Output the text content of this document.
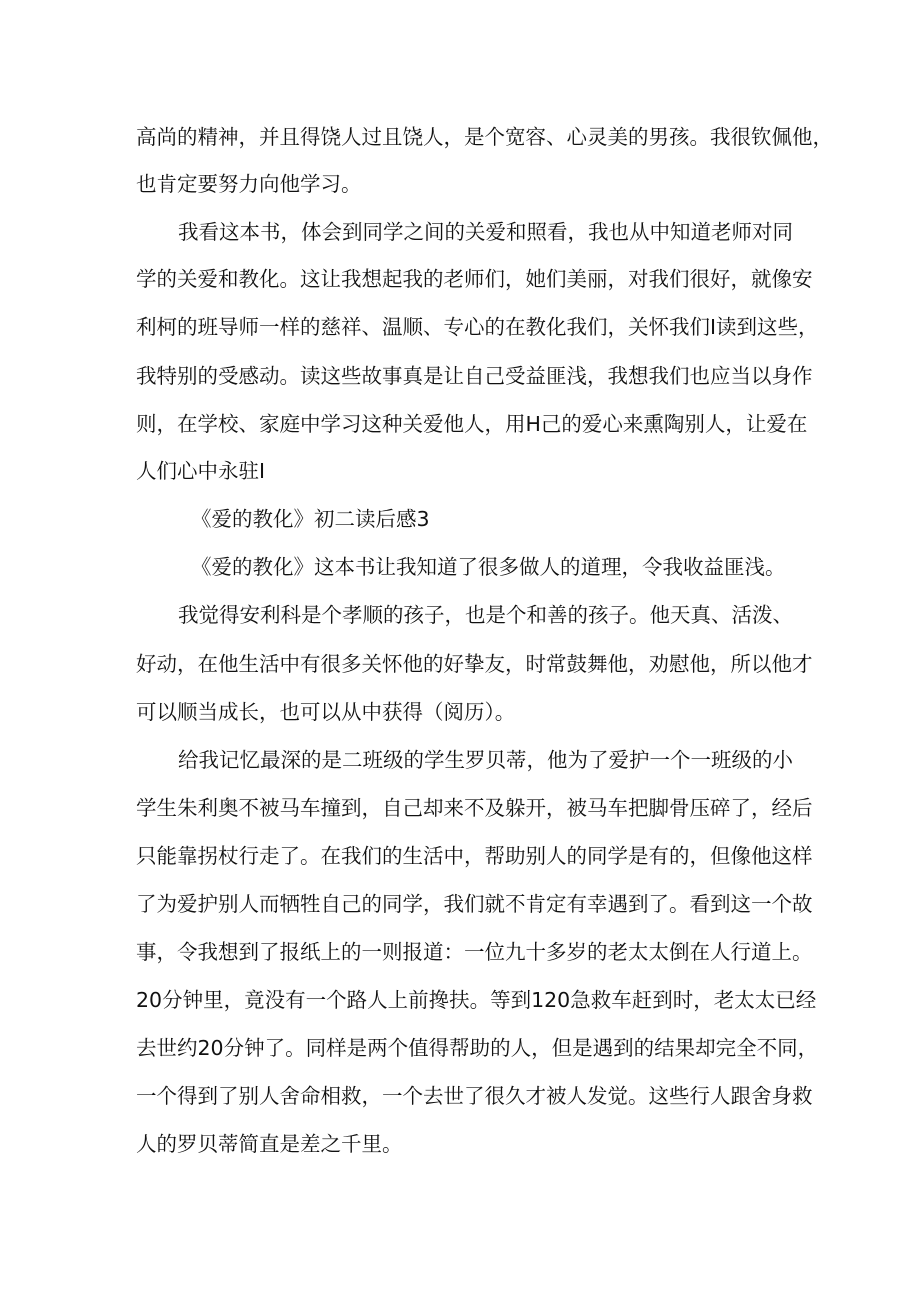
高尚的精神，并且得饶人过且饶人，是个宽容、心灵美的男孩。我很钦佩他，
也肯定要努力向他学习。
我看这本书，体会到同学之间的关爱和照看，我也从中知道老师对同
学的关爱和教化。这让我想起我的老师们，她们美丽，对我们很好，就像安
利柯的班导师一样的慈祥、温顺、专心的在教化我们，关怀我们I读到这些，
我特别的受感动。读这些故事真是让自己受益匪浅，我想我们也应当以身作
则，在学校、家庭中学习这种关爱他人，用H己的爱心来熏陶别人，让爱在
人们心中永驻I
《爱的教化》初二读后感3
《爱的教化》这本书让我知道了很多做人的道理，令我收益匪浅。
我觉得安利科是个孝顺的孩子，也是个和善的孩子。他天真、活泼、
好动，在他生活中有很多关怀他的好挚友，时常鼓舞他，劝慰他，所以他才
可以顺当成长，也可以从中获得（阅历）。
给我记忆最深的是二班级的学生罗贝蒂，他为了爱护一个一班级的小
学生朱利奥不被马车撞到，自己却来不及躲开，被马车把脚骨压碎了，经后
只能靠拐杖行走了。在我们的生活中，帮助别人的同学是有的，但像他这样
了为爱护别人而牺牲自己的同学，我们就不肯定有幸遇到了。看到这一个故
事，令我想到了报纸上的一则报道：一位九十多岁的老太太倒在人行道上。
20分钟里，竟没有一个路人上前搀扶。等到120急救车赶到时，老太太已经
去世约20分钟了。同样是两个值得帮助的人，但是遇到的结果却完全不同，
一个得到了别人舍命相救，一个去世了很久才被人发觉。这些行人跟舍身救
人的罗贝蒂简直是差之千里。
